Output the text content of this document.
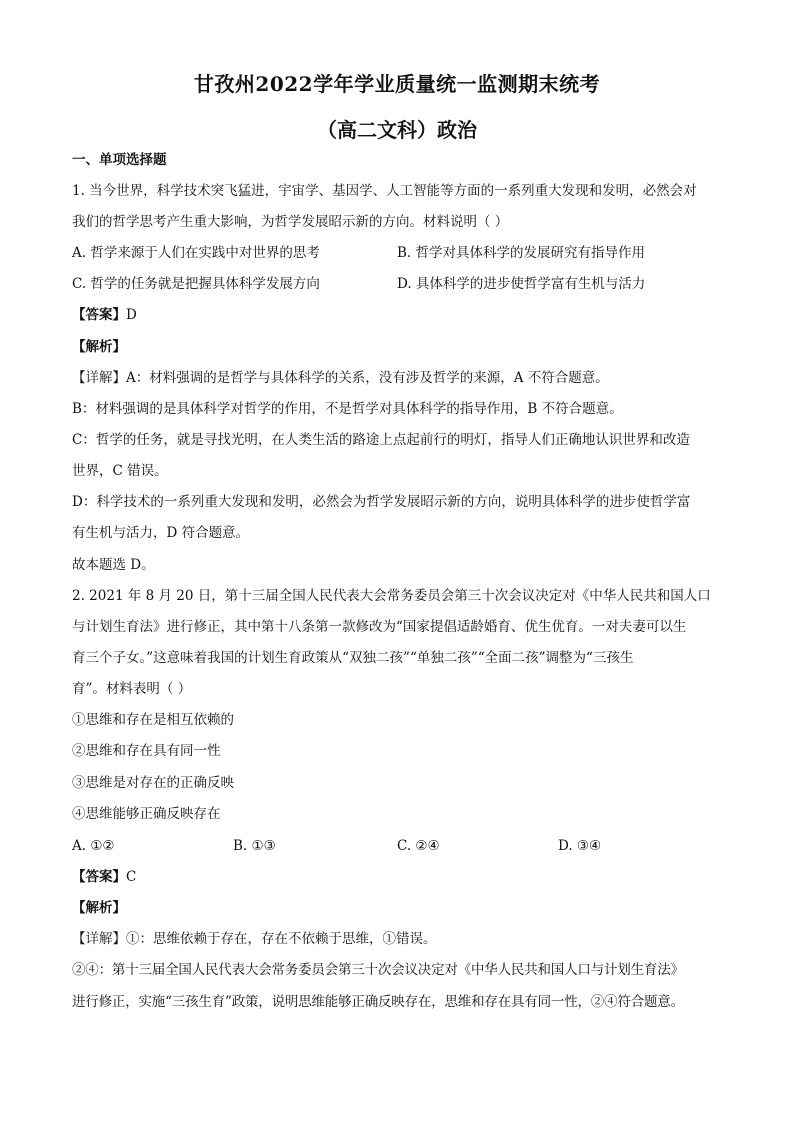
甘孜州2022学年学业质量统一监测期末统考
（高二文科）政治
一、单项选择题
1. 当今世界，科学技术突飞猛进，宇宙学、基因学、人工智能等方面的一系列重大发现和发明，必然会对
我们的哲学思考产生重大影响，为哲学发展昭示新的方向。材料说明（ ）
A. 哲学来源于人们在实践中对世界的思考	B. 哲学对具体科学的发展研究有指导作用
C. 哲学的任务就是把握具体科学发展方向	D. 具体科学的进步使哲学富有生机与活力
【答案】D
【解析】
【详解】A：材料强调的是哲学与具体科学的关系，没有涉及哲学的来源，A 不符合题意。
B：材料强调的是具体科学对哲学的作用，不是哲学对具体科学的指导作用，B 不符合题意。
C：哲学的任务，就是寻找光明，在人类生活的路途上点起前行的明灯，指导人们正确地认识世界和改造
世界，C 错误。
D：科学技术的一系列重大发现和发明，必然会为哲学发展昭示新的方向，说明具体科学的进步使哲学富
有生机与活力，D 符合题意。
故本题选 D。
2. 2021 年 8 月 20 日，第十三届全国人民代表大会常务委员会第三十次会议决定对《中华人民共和国人口
与计划生育法》进行修正，其中第十八条第一款修改为“国家提倡适龄婚育、优生优育。一对夫妻可以生
育三个子女。”这意味着我国的计划生育政策从“双独二孩”“单独二孩”“全面二孩”调整为“三孩生
育”。材料表明（ ）
①思维和存在是相互依赖的
②思维和存在具有同一性
③思维是对存在的正确反映
④思维能够正确反映存在
A. ①②	B. ①③	C. ②④	D. ③④
【答案】C
【解析】
【详解】①：思维依赖于存在，存在不依赖于思维，①错误。
②④：第十三届全国人民代表大会常务委员会第三十次会议决定对《中华人民共和国人口与计划生育法》
进行修正，实施“三孩生育”政策，说明思维能够正确反映存在，思维和存在具有同一性，②④符合题意。
